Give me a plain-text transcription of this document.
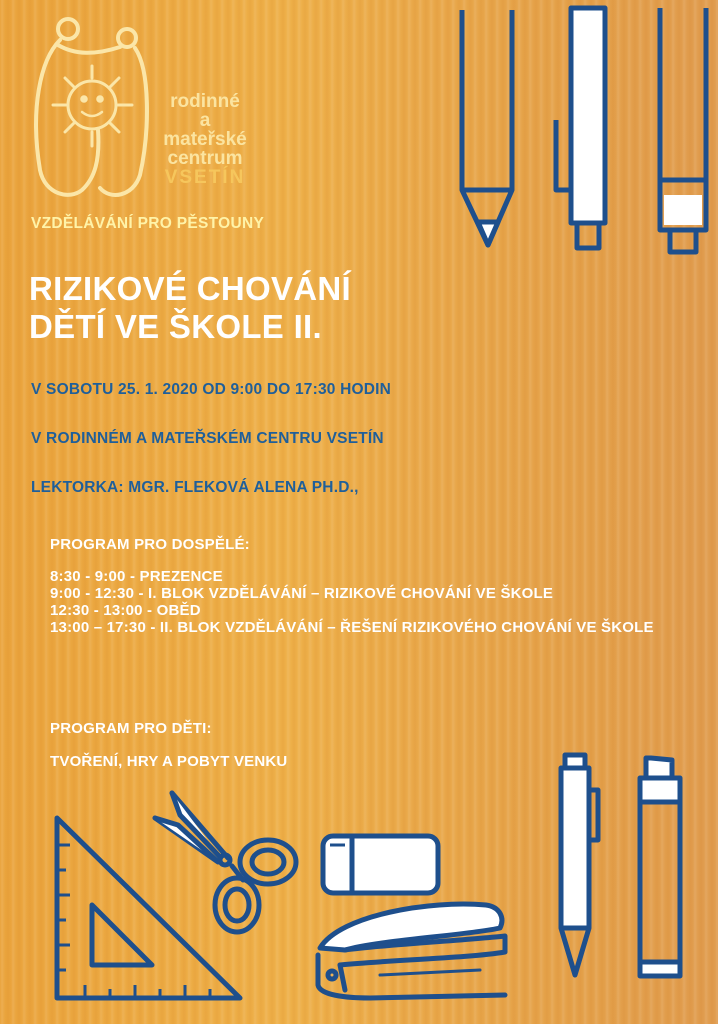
rodinné
a
mateřské
centrum
VSETÍN
VZDĚLÁVÁNÍ PRO PĚSTOUNY
RIZIKOVÉ CHOVÁNÍ
DĚTÍ VE ŠKOLE II.
V SOBOTU 25. 1. 2020 OD 9:00 DO 17:30 HODIN
V RODINNÉM A MATEŘSKÉM CENTRU VSETÍN
LEKTORKA: MGR. FLEKOVÁ ALENA PH.D.,
PROGRAM PRO DOSPĚLÉ:
8:30 - 9:00 - PREZENCE
9:00 - 12:30 - I. BLOK VZDĚLÁVÁNÍ – RIZIKOVÉ CHOVÁNÍ VE ŠKOLE
12:30 - 13:00 - OBĚD
13:00 – 17:30 - II. BLOK VZDĚLÁVÁNÍ – ŘEŠENÍ RIZIKOVÉHO CHOVÁNÍ VE ŠKOLE
PROGRAM PRO DĚTI:
TVOŘENÍ, HRY A POBYT VENKU
